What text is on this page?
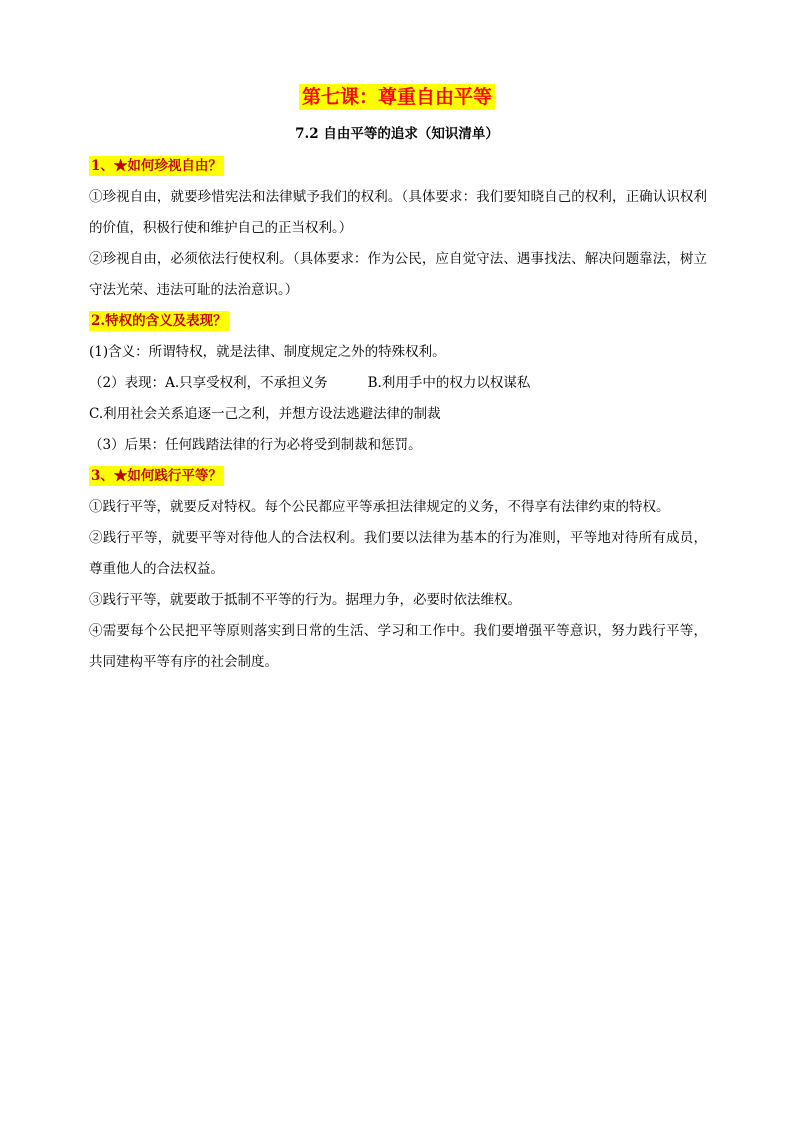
第七课：尊重自由平等
7.2 自由平等的追求（知识清单）
1、★如何珍视自由？
①珍视自由，就要珍惜宪法和法律赋予我们的权利。（具体要求：我们要知晓自己的权利，正确认识权利的价值，积极行使和维护自己的正当权利。）
②珍视自由，必须依法行使权利。（具体要求：作为公民，应自觉守法、遇事找法、解决问题靠法，树立守法光荣、违法可耻的法治意识。）
2.特权的含义及表现？
(1)含义：所谓特权，就是法律、制度规定之外的特殊权利。
（2）表现：A.只享受权利，不承担义务	B.利用手中的权力以权谋私
C.利用社会关系追逐一己之利，并想方设法逃避法律的制裁
（3）后果：任何践踏法律的行为必将受到制裁和惩罚。
3、★如何践行平等？
①践行平等，就要反对特权。每个公民都应平等承担法律规定的义务，不得享有法律约束的特权。
②践行平等，就要平等对待他人的合法权利。我们要以法律为基本的行为准则，平等地对待所有成员，尊重他人的合法权益。
③践行平等，就要敢于抵制不平等的行为。据理力争，必要时依法维权。
④需要每个公民把平等原则落实到日常的生活、学习和工作中。我们要增强平等意识，努力践行平等，共同建构平等有序的社会制度。
